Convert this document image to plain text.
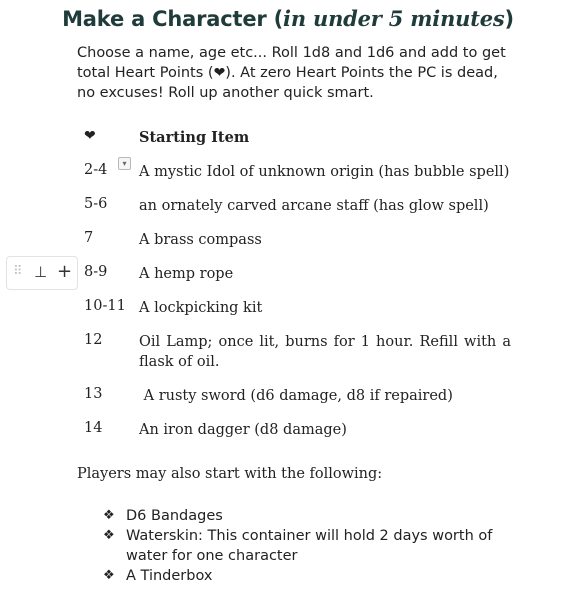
Make a Character (in under 5 minutes)
Choose a name, age etc... Roll 1d8 and 1d6 and add to get total Heart Points (❤). At zero Heart Points the PC is dead, no excuses! Roll up another quick smart.
❤	Starting Item
2-4 A mystic Idol of unknown origin (has bubble spell)
5-6 an ornately carved arcane staff (has glow spell)
7	A brass compass
8-9 A hemp rope
10-11 A lockpicking kit
12	Oil Lamp; once lit, burns for 1 hour. Refill with a flask of oil.
13	A rusty sword (d6 damage, d8 if repaired)
14	An iron dagger (d8 damage)
▾
⠿ ⊥ +
Players may also start with the following:
❖ D6 Bandages
❖ Waterskin: This container will hold 2 days worth of water for one character
❖ A Tinderbox
